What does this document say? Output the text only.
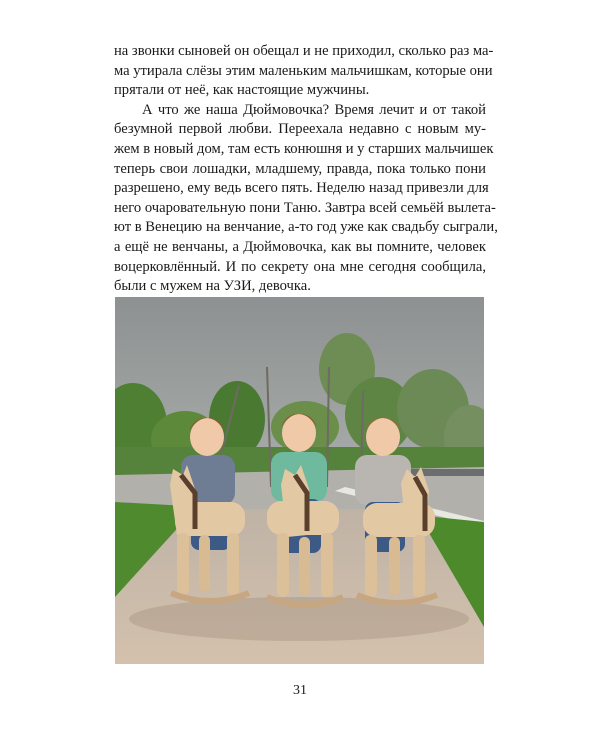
на звонки сыновей он обещал и не приходил, сколько раз ма-
ма утирала слёзы этим маленьким мальчишкам, которые они
прятали от неё, как настоящие мужчины.
А что же наша Дюймовочка? Время лечит и от такой
безумной первой любви. Переехала недавно с новым му-
жем в новый дом, там есть конюшня и у старших мальчишек
теперь свои лошадки, младшему, правда, пока только пони
разрешено, ему ведь всего пять. Неделю назад привезли для
него очаровательную пони Таню. Завтра всей семьёй вылета-
ют в Венецию на венчание, а-то год уже как свадьбу сыграли,
а ещё не венчаны, а Дюймовочка, как вы помните, человек
воцерковлённый. И по секрету она мне сегодня сообщила,
были с мужем на УЗИ, девочка.
31
